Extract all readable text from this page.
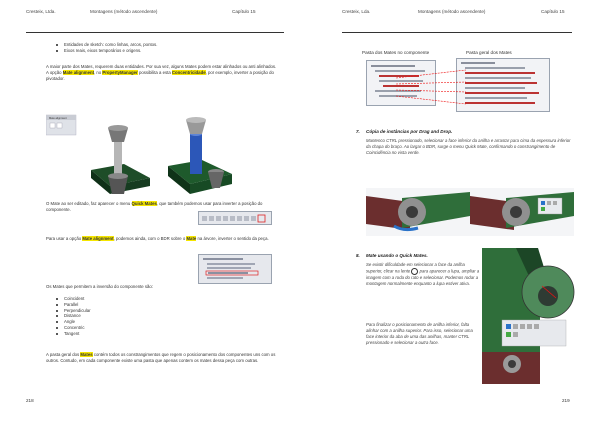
Cresteix, Ltda.	Montagens (método ascendente)	Capítulo 15
Entidades de sketch: como linhas, arcos, pontos.
Eixos reais, eixos temporários e origens.
A maior parte dos Mates, requerem duas entidades. Por sua vez, alguns Mates podem estar alinhados ou anti alinhados. A opção Mate alignment, no PropertyManager possibilita a esta Concentricidade, por exemplo, inverter a posição do pivotador.
Mate alignment
O Mate ao ser editado, faz aparecer o menu Quick Mates, que também podemos usar para inverter a posição do componente.
Para usar a opção Mate alignment, podemos ainda, com o BDR sobre o Mate na árvore, inverter o sentido da peça.
Os Mates que permitem a inversão do componente são:
Coincident
Parallel
Perpendicular
Distance
Angle
Concentric
Tangent
A pasta geral dos Mates contém todos os constrangimentos que regem o posicionamento dos componentes uns com os outros. Contudo, em cada componente existe uma pasta que apenas contem os mates dessa peça com outras.
218
Cresteix, Lda.	Montagens (método ascendente)	Capítulo 15
Pasta dos Mates no componente	Pasta geral dos Mates
7. Cópia de instâncias por Drag and Drop.
Mantenco CTRL pressionado, selecionar a face inferior da anilha e arrastar para cima da espessura inferior da chapa do braço. Ao largar o BDR, surge o menu Quick Mate, confirmando o constrangimento de Coincidência no vista verde.
8. Mate usando o Quick Mates.
Se existir dificuldade em selecionar a face da anilha superior, clicar na lente para aparecer a lupa, ampliar a imagem com a roda do rato e selecionar. Podemos rodar a montagem normalmente enquanto a lupa estiver ativa.
Para finalizar o posicionamento de anilha inferior, falta alinhar com a anilha superior. Para isso, selecionar uma face interior da aba de uma das anilhas, manter CTRL pressionado e selecionar a outra face.
219
